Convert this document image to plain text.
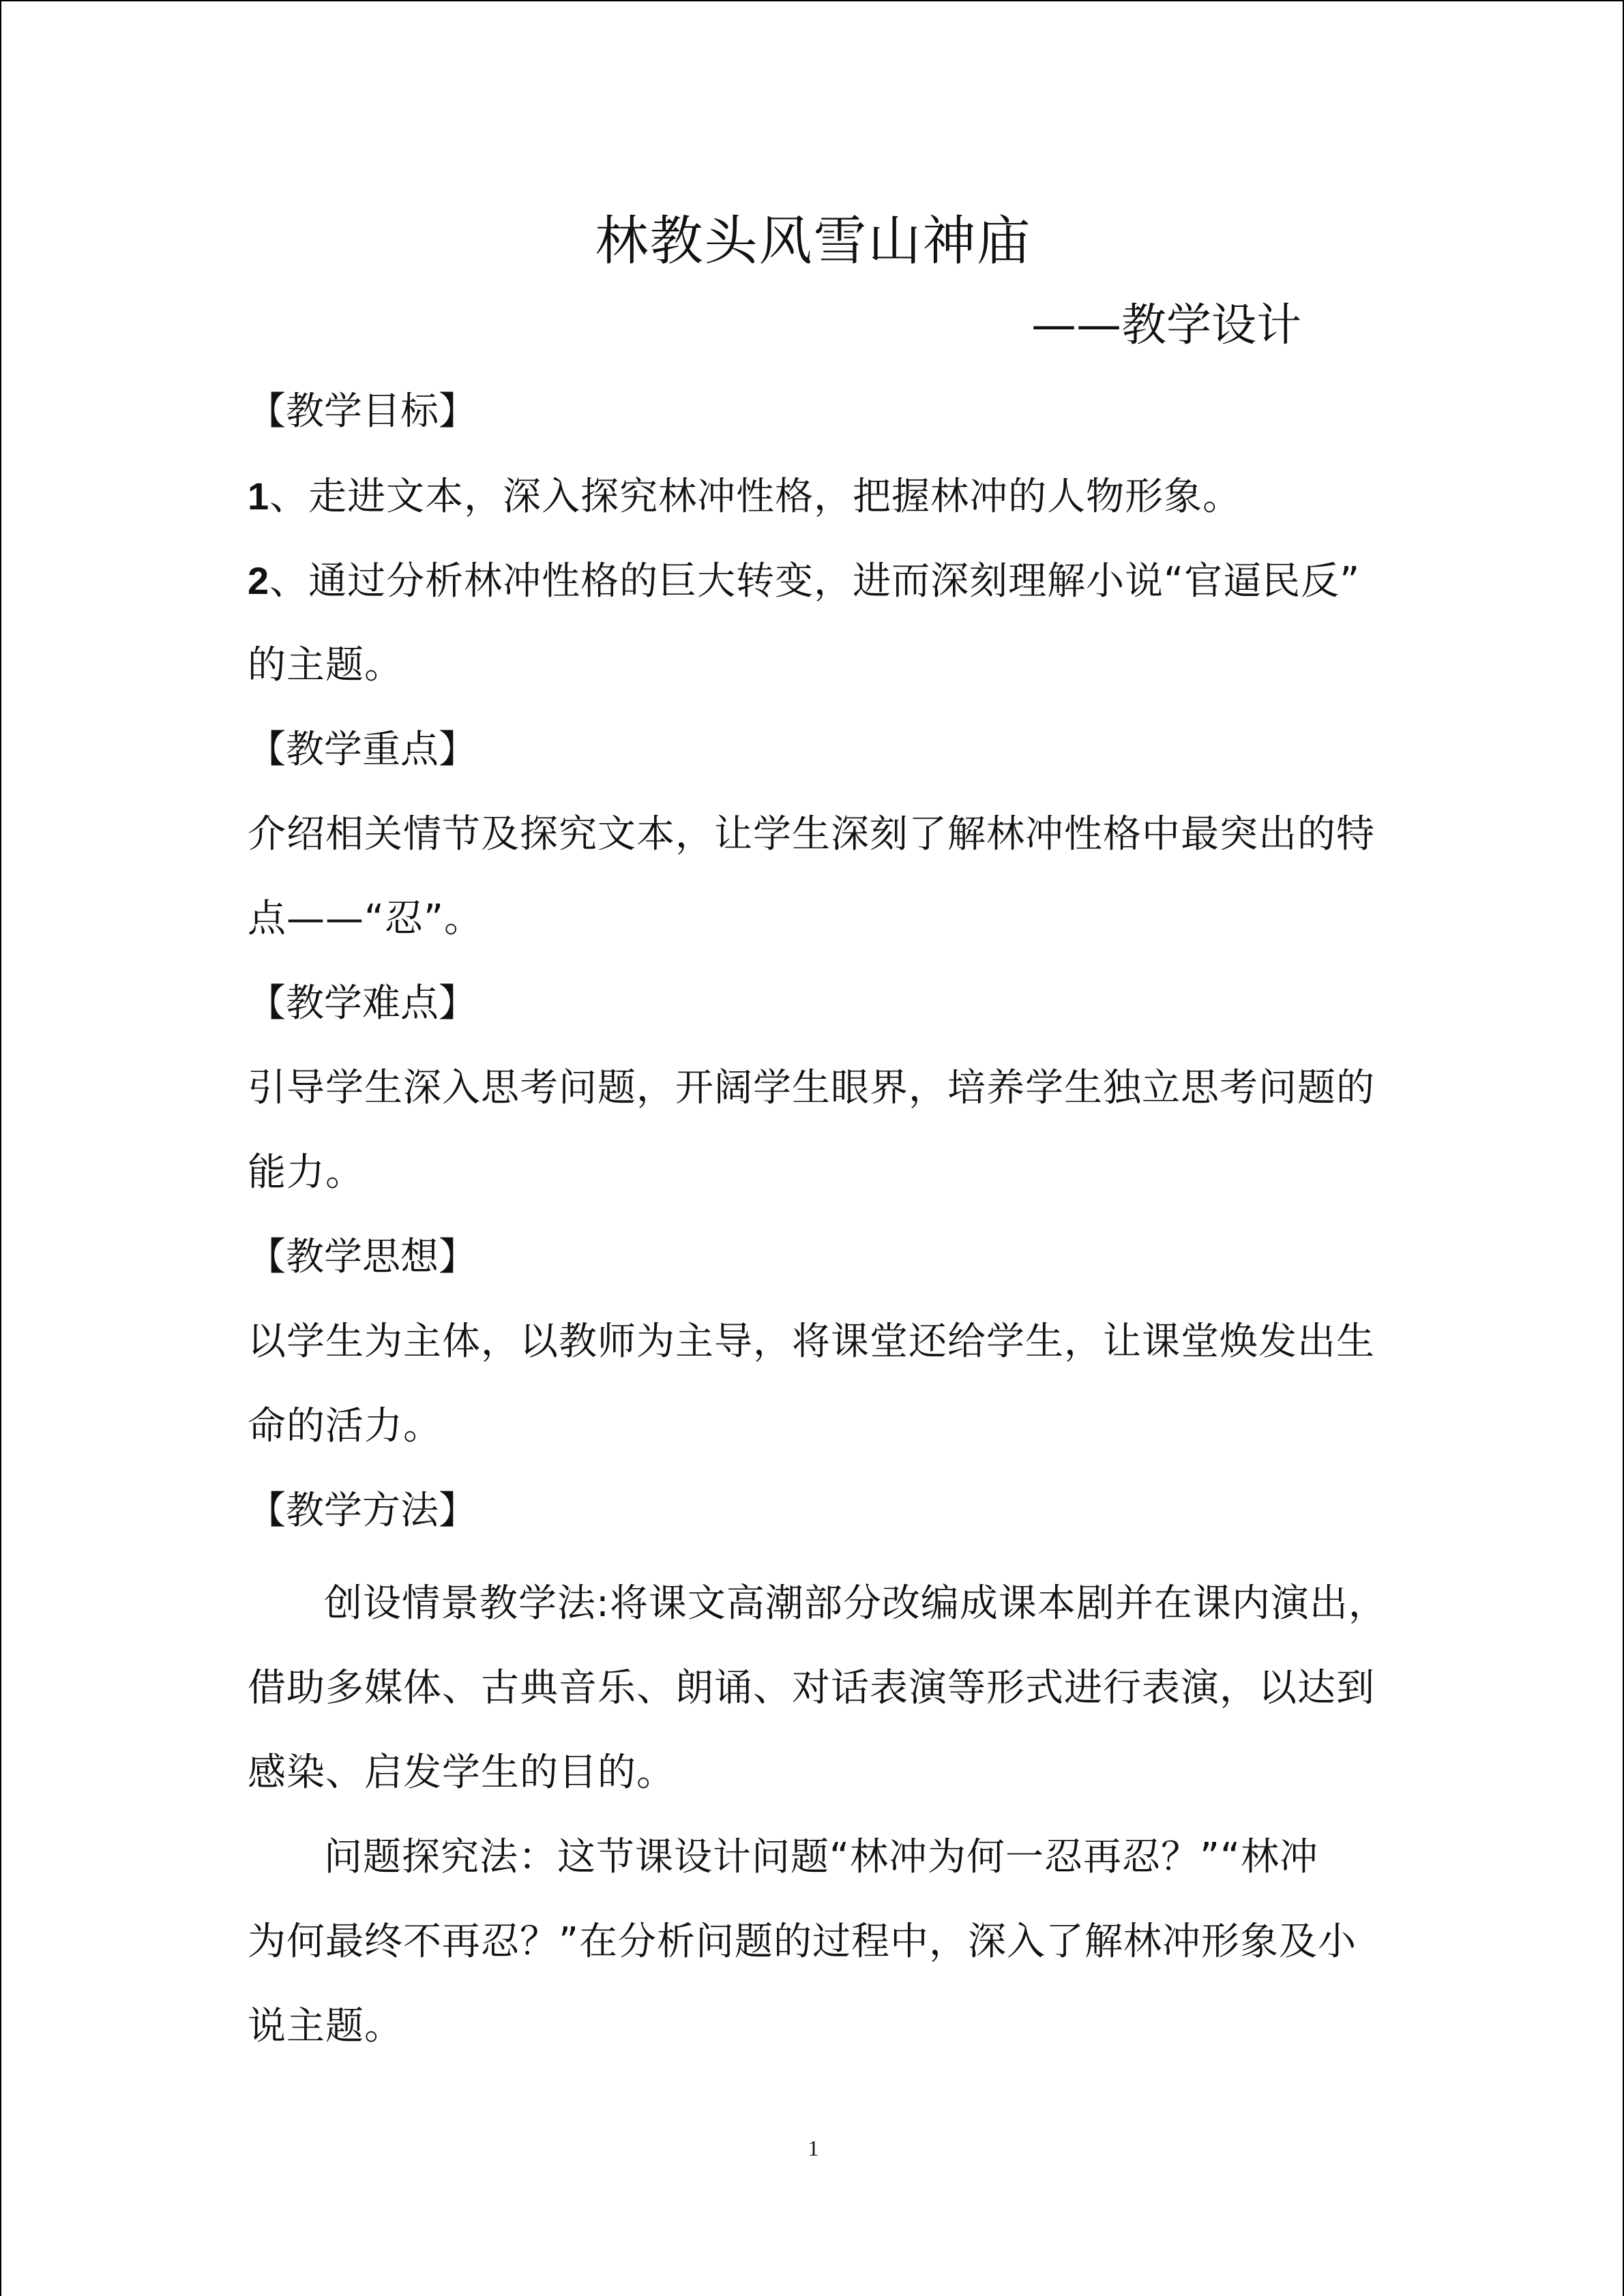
林教头风雪山神庙
——教学设计
【教学目标】
1、走进文本，深入探究林冲性格，把握林冲的人物形象。
2、通过分析林冲性格的巨大转变，进而深刻理解小说“官逼民反”
的主题。
【教学重点】
介绍相关情节及探究文本，让学生深刻了解林冲性格中最突出的特
点——“忍”。
【教学难点】
引导学生深入思考问题，开阔学生眼界，培养学生独立思考问题的
能力。
【教学思想】
以学生为主体，以教师为主导，将课堂还给学生，让课堂焕发出生
命的活力。
【教学方法】
创设情景教学法:将课文高潮部分改编成课本剧并在课内演出，
借助多媒体、古典音乐、朗诵、对话表演等形式进行表演，以达到
感染、启发学生的目的。
问题探究法：这节课设计问题“林冲为何一忍再忍？”“林冲
为何最终不再忍？”在分析问题的过程中，深入了解林冲形象及小
说主题。
1
